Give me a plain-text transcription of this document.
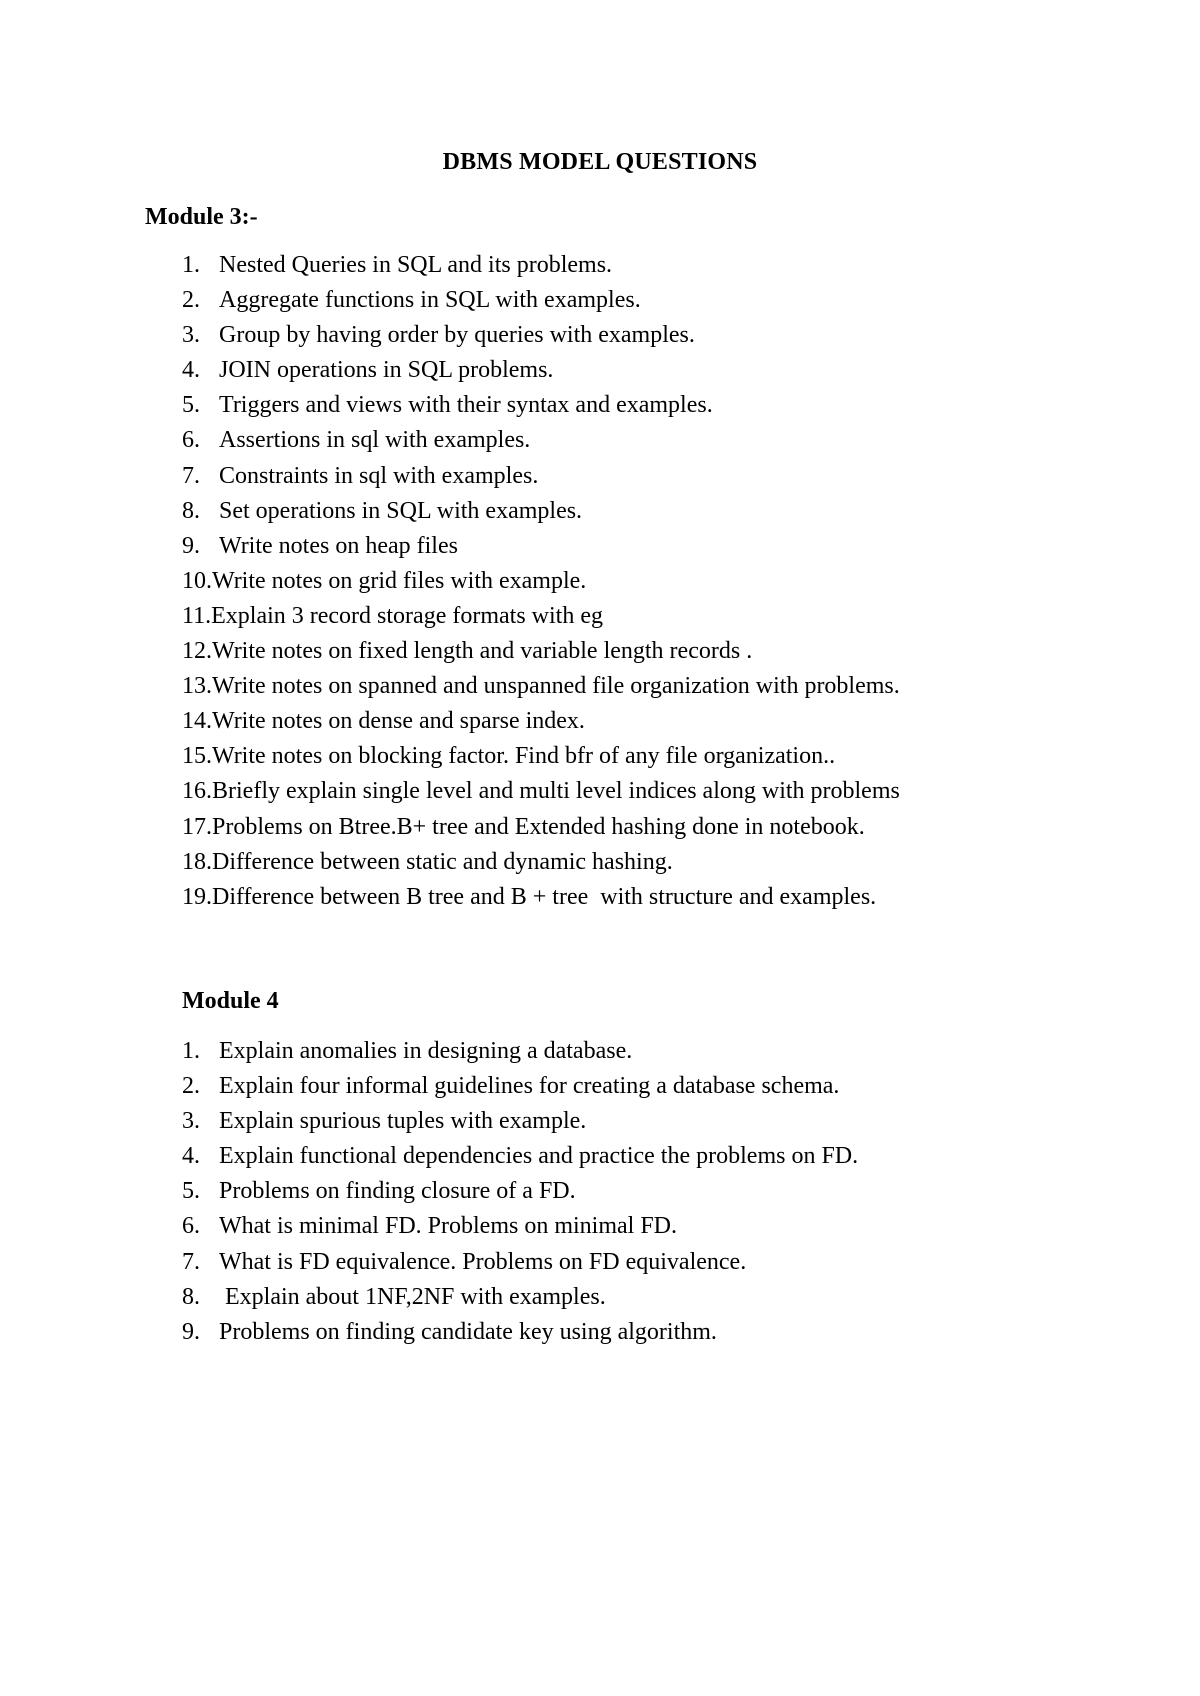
DBMS MODEL QUESTIONS
Module 3:-
1. Nested Queries in SQL and its problems.
2. Aggregate functions in SQL with examples.
3. Group by having order by queries with examples.
4. JOIN operations in SQL problems.
5. Triggers and views with their syntax and examples.
6. Assertions in sql with examples.
7. Constraints in sql with examples.
8. Set operations in SQL with examples.
9. Write notes on heap files
10.Write notes on grid files with example.
11.Explain 3 record storage formats with eg
12.Write notes on fixed length and variable length records .
13.Write notes on spanned and unspanned file organization with problems.
14.Write notes on dense and sparse index.
15.Write notes on blocking factor. Find bfr of any file organization..
16.Briefly explain single level and multi level indices along with problems
17.Problems on Btree.B+ tree and Extended hashing done in notebook.
18.Difference between static and dynamic hashing.
19.Difference between B tree and B + tree  with structure and examples.
Module 4
1. Explain anomalies in designing a database.
2. Explain four informal guidelines for creating a database schema.
3. Explain spurious tuples with example.
4. Explain functional dependencies and practice the problems on FD.
5. Problems on finding closure of a FD.
6. What is minimal FD. Problems on minimal FD.
7. What is FD equivalence. Problems on FD equivalence.
8. Explain about 1NF,2NF with examples.
9. Problems on finding candidate key using algorithm.
